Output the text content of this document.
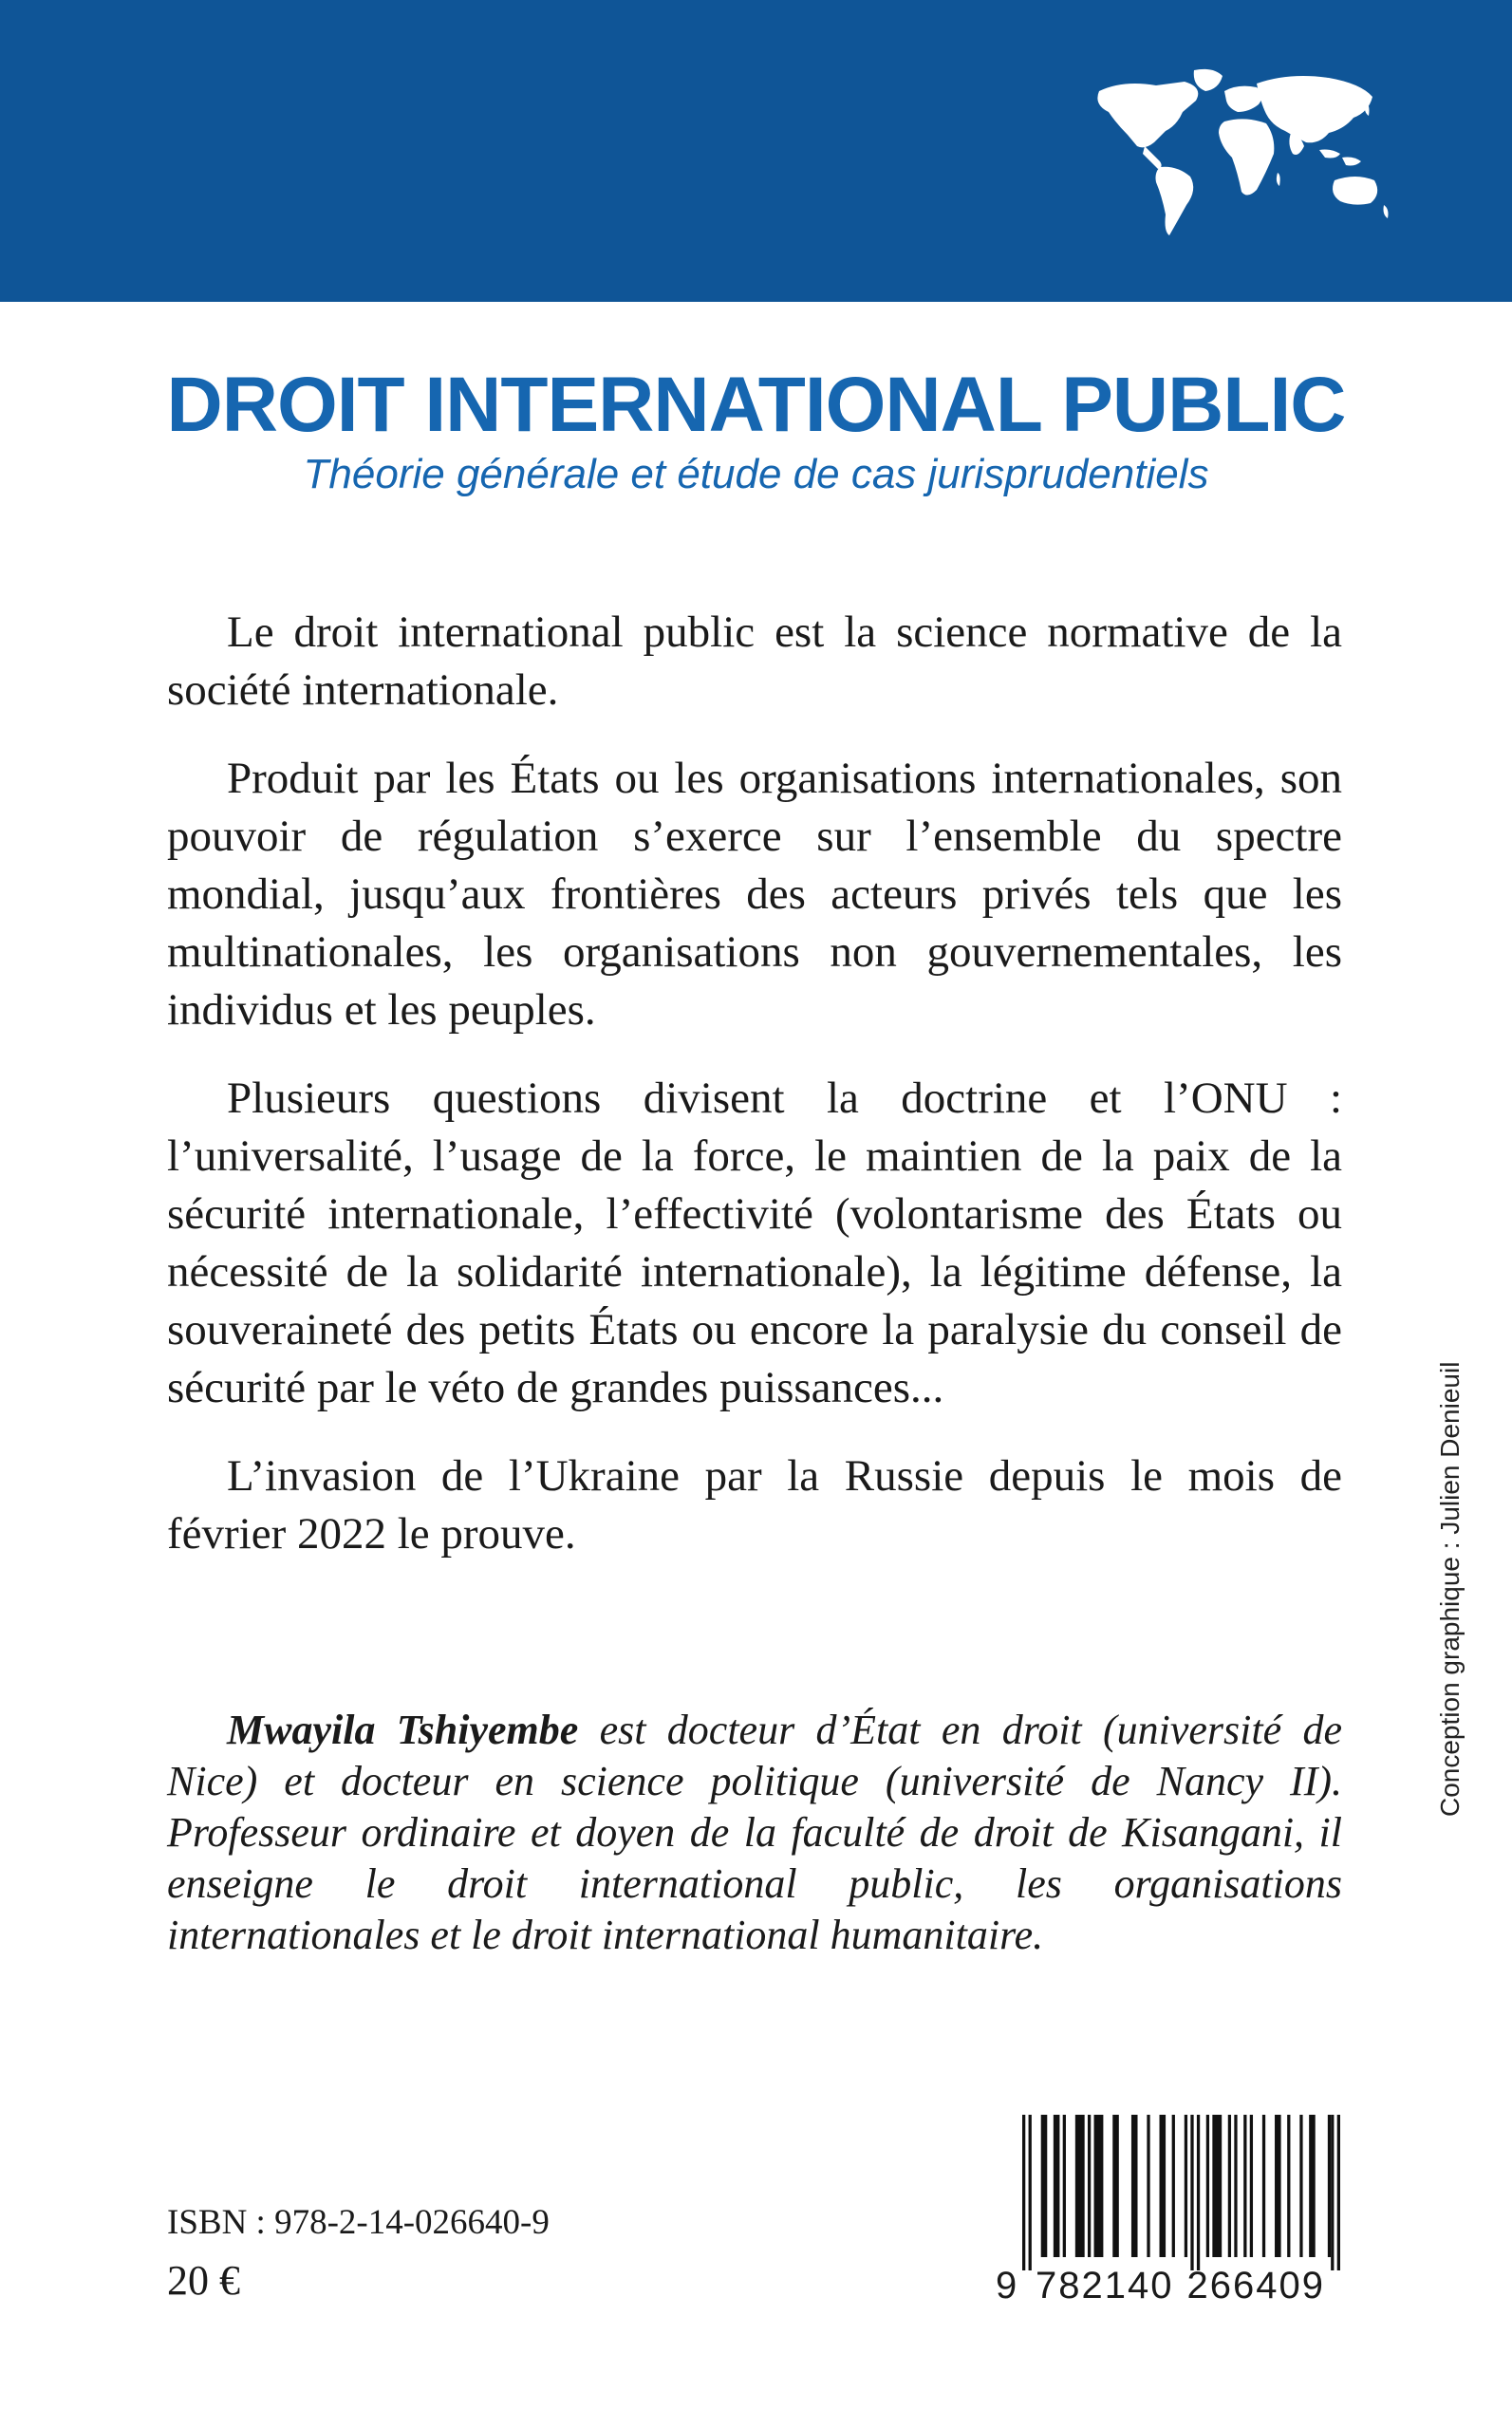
DROIT INTERNATIONAL PUBLIC
Théorie générale et étude de cas jurisprudentiels

Le droit international public est la science normative de la société internationale.

Produit par les États ou les organisations internationales, son pouvoir de régulation s’exerce sur l’ensemble du spectre mondial, jusqu’aux frontières des acteurs privés tels que les multinationales, les organisations non gouvernementales, les individus et les peuples.

Plusieurs questions divisent la doctrine et l’ONU : l’universalité, l’usage de la force, le maintien de la paix de la sécurité internationale, l’effectivité (volontarisme des États ou nécessité de la solidarité internationale), la légitime défense, la souveraineté des petits États ou encore la paralysie du conseil de sécurité par le véto de grandes puissances...

L’invasion de l’Ukraine par la Russie depuis le mois de février 2022 le prouve.

Mwayila Tshiyembe est docteur d’État en droit (université de Nice) et docteur en science politique (université de Nancy II). Professeur ordinaire et doyen de la faculté de droit de Kisangani, il enseigne le droit international public, les organisations internationales et le droit international humanitaire.
Conception graphique : Julien Denieuil
ISBN : 978-2-14-026640-9
20 €	9 782140 266409
